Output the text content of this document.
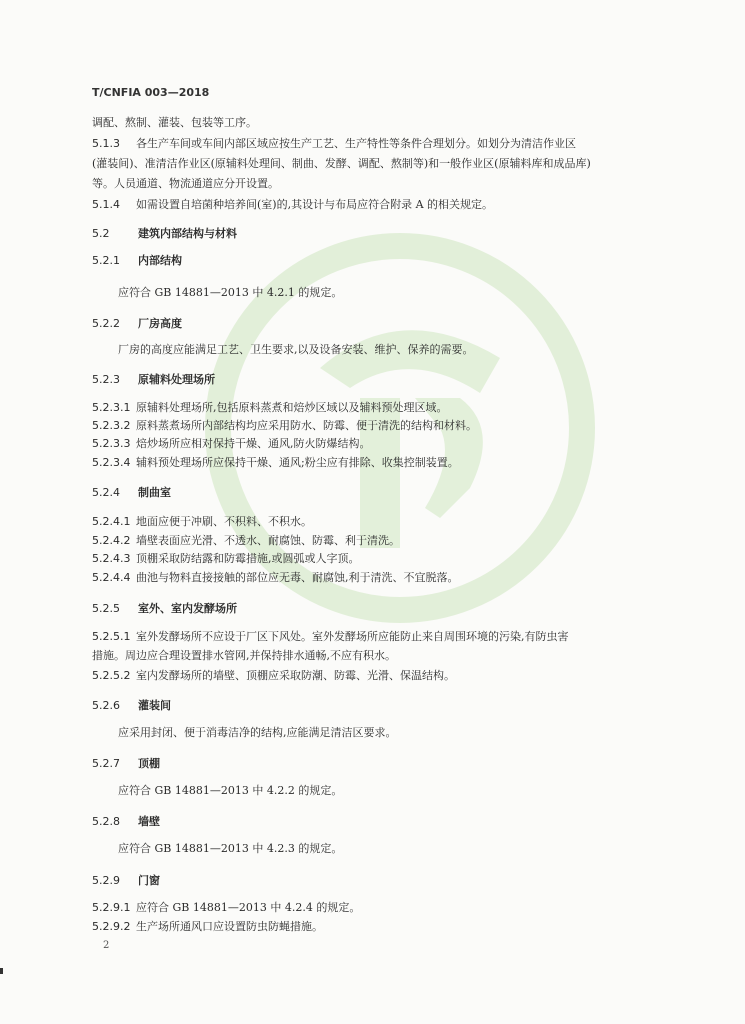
T/CNFIA 003—2018
调配、熬制、灌装、包装等工序。
5.1.3 各生产车间或车间内部区域应按生产工艺、生产特性等条件合理划分。如划分为清洁作业区
(灌装间)、准清洁作业区(原辅料处理间、制曲、发酵、调配、熬制等)和一般作业区(原辅料库和成品库)
等。人员通道、物流通道应分开设置。
5.1.4 如需设置自培菌种培养间(室)的,其设计与布局应符合附录 A 的相关规定。
5.2	建筑内部结构与材料
5.2.1 内部结构
应符合 GB 14881—2013 中 4.2.1 的规定。
5.2.2 厂房高度
厂房的高度应能满足工艺、卫生要求,以及设备安装、维护、保养的需要。
5.2.3 原辅料处理场所
5.2.3.1 原辅料处理场所,包括原料蒸煮和焙炒区域以及辅料预处理区域。
5.2.3.2 原料蒸煮场所内部结构均应采用防水、防霉、便于清洗的结构和材料。
5.2.3.3 焙炒场所应相对保持干燥、通风,防火防爆结构。
5.2.3.4 辅料预处理场所应保持干燥、通风;粉尘应有排除、收集控制装置。
5.2.4 制曲室
5.2.4.1 地面应便于冲刷、不积料、不积水。
5.2.4.2 墙壁表面应光滑、不透水、耐腐蚀、防霉、利于清洗。
5.2.4.3 顶棚采取防结露和防霉措施,或圆弧或人字顶。
5.2.4.4 曲池与物料直接接触的部位应无毒、耐腐蚀,利于清洗、不宜脱落。
5.2.5 室外、室内发酵场所
5.2.5.1 室外发酵场所不应设于厂区下风处。室外发酵场所应能防止来自周围环境的污染,有防虫害
措施。周边应合理设置排水管网,并保持排水通畅,不应有积水。
5.2.5.2 室内发酵场所的墙壁、顶棚应采取防潮、防霉、光滑、保温结构。
5.2.6 灌装间
应采用封闭、便于消毒洁净的结构,应能满足清洁区要求。
5.2.7 顶棚
应符合 GB 14881—2013 中 4.2.2 的规定。
5.2.8 墙壁
应符合 GB 14881—2013 中 4.2.3 的规定。
5.2.9 门窗
5.2.9.1 应符合 GB 14881—2013 中 4.2.4 的规定。
5.2.9.2 生产场所通风口应设置防虫防蝇措施。
2
